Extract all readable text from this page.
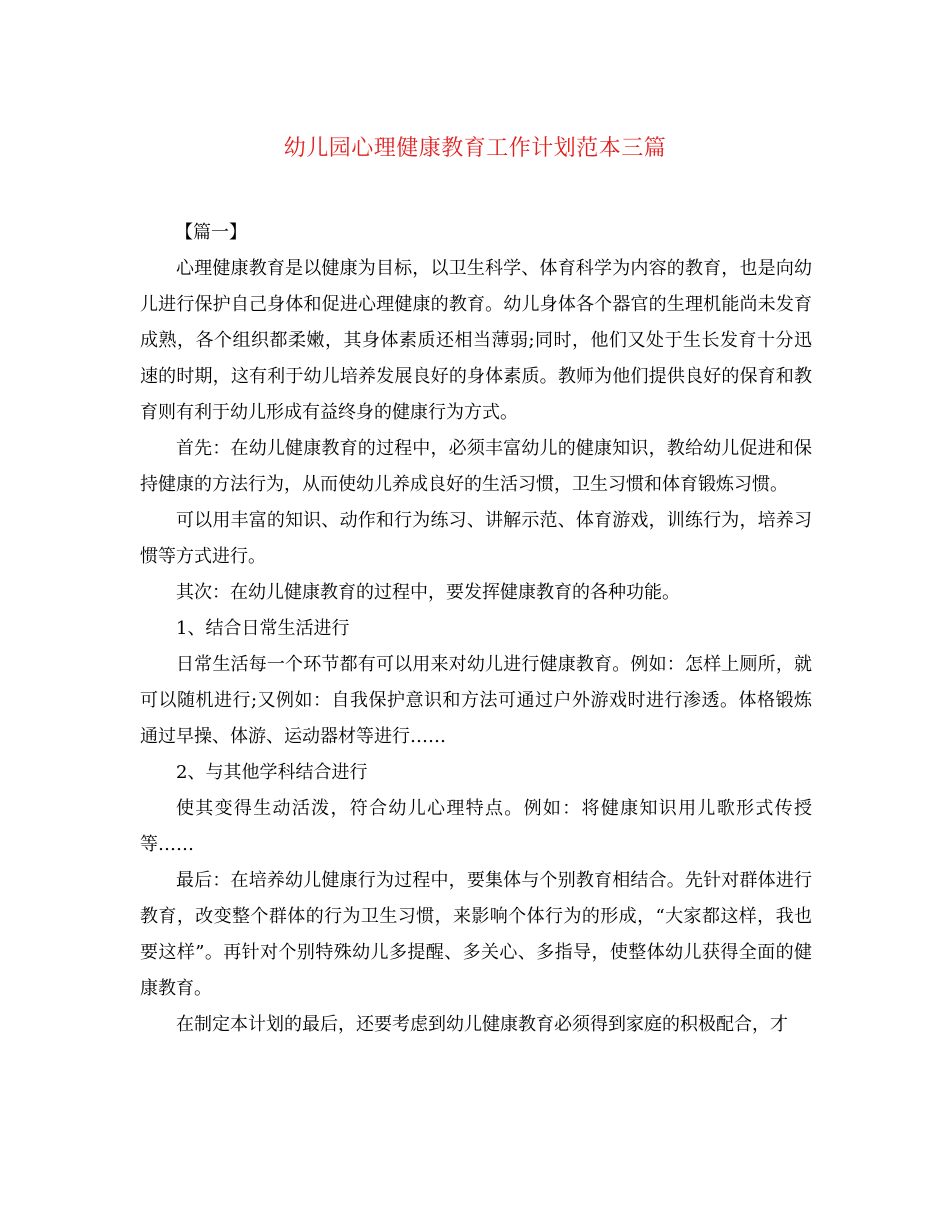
幼儿园心理健康教育工作计划范本三篇

【篇一】

心理健康教育是以健康为目标，以卫生科学、体育科学为内容的教育，也是向幼儿进行保护自己身体和促进心理健康的教育。幼儿身体各个器官的生理机能尚未发育成熟，各个组织都柔嫩，其身体素质还相当薄弱;同时，他们又处于生长发育十分迅速的时期，这有利于幼儿培养发展良好的身体素质。教师为他们提供良好的保育和教育则有利于幼儿形成有益终身的健康行为方式。

首先：在幼儿健康教育的过程中，必须丰富幼儿的健康知识，教给幼儿促进和保持健康的方法行为，从而使幼儿养成良好的生活习惯，卫生习惯和体育锻炼习惯。

可以用丰富的知识、动作和行为练习、讲解示范、体育游戏，训练行为，培养习惯等方式进行。

其次：在幼儿健康教育的过程中，要发挥健康教育的各种功能。

1、结合日常生活进行

日常生活每一个环节都有可以用来对幼儿进行健康教育。例如：怎样上厕所，就可以随机进行;又例如：自我保护意识和方法可通过户外游戏时进行渗透。体格锻炼通过早操、体游、运动器材等进行……

2、与其他学科结合进行

使其变得生动活泼，符合幼儿心理特点。例如：将健康知识用儿歌形式传授等……

最后：在培养幼儿健康行为过程中，要集体与个别教育相结合。先针对群体进行教育，改变整个群体的行为卫生习惯，来影响个体行为的形成，“大家都这样，我也要这样”。再针对个别特殊幼儿多提醒、多关心、多指导，使整体幼儿获得全面的健康教育。

在制定本计划的最后，还要考虑到幼儿健康教育必须得到家庭的积极配合，才
